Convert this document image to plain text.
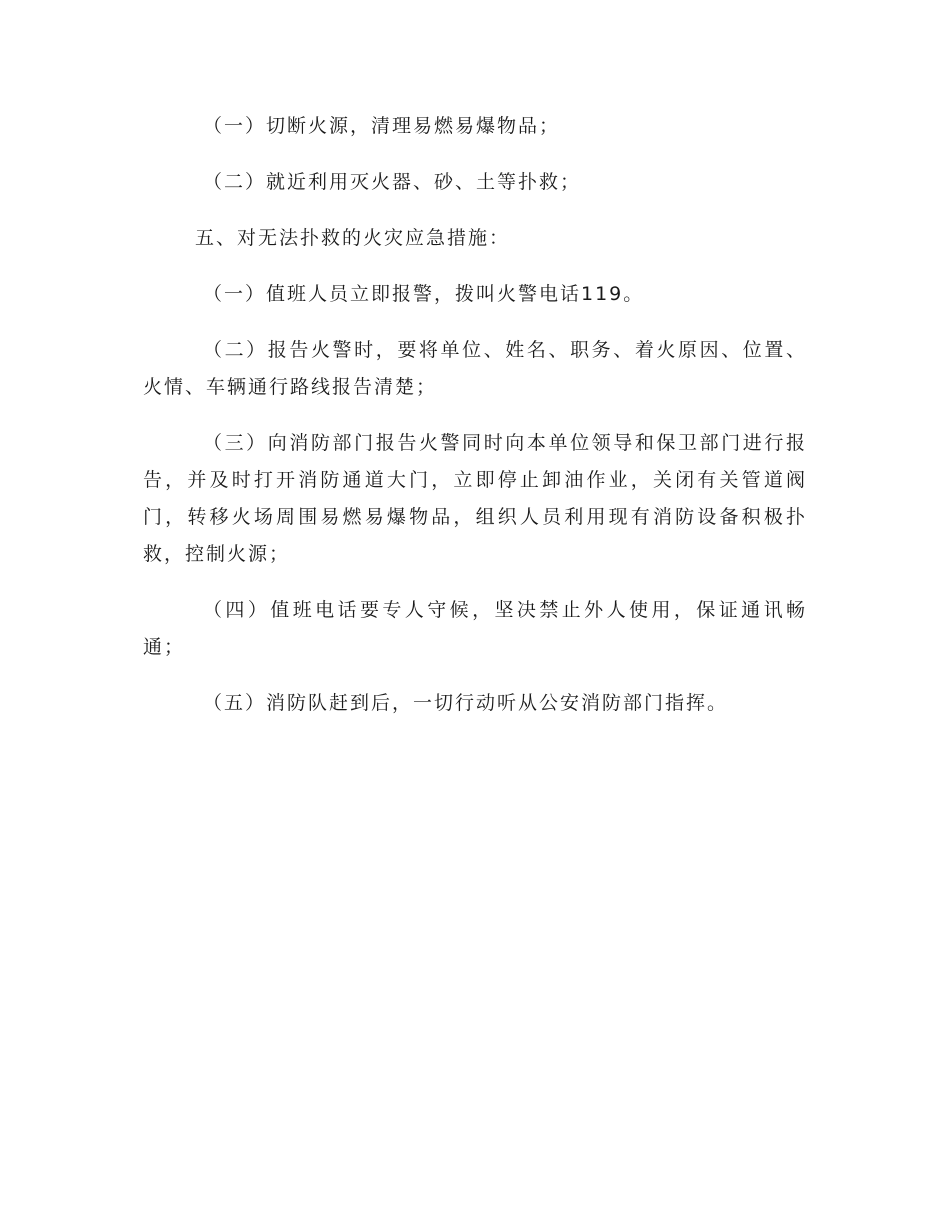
（一）切断火源，清理易燃易爆物品；

（二）就近利用灭火器、砂、土等扑救；

五、对无法扑救的火灾应急措施：

（一）值班人员立即报警，拨叫火警电话119。

（二）报告火警时，要将单位、姓名、职务、着火原因、位置、火情、车辆通行路线报告清楚；

（三）向消防部门报告火警同时向本单位领导和保卫部门进行报告，并及时打开消防通道大门，立即停止卸油作业，关闭有关管道阀门，转移火场周围易燃易爆物品，组织人员利用现有消防设备积极扑救，控制火源；

（四）值班电话要专人守候，坚决禁止外人使用，保证通讯畅通；

（五）消防队赶到后，一切行动听从公安消防部门指挥。
